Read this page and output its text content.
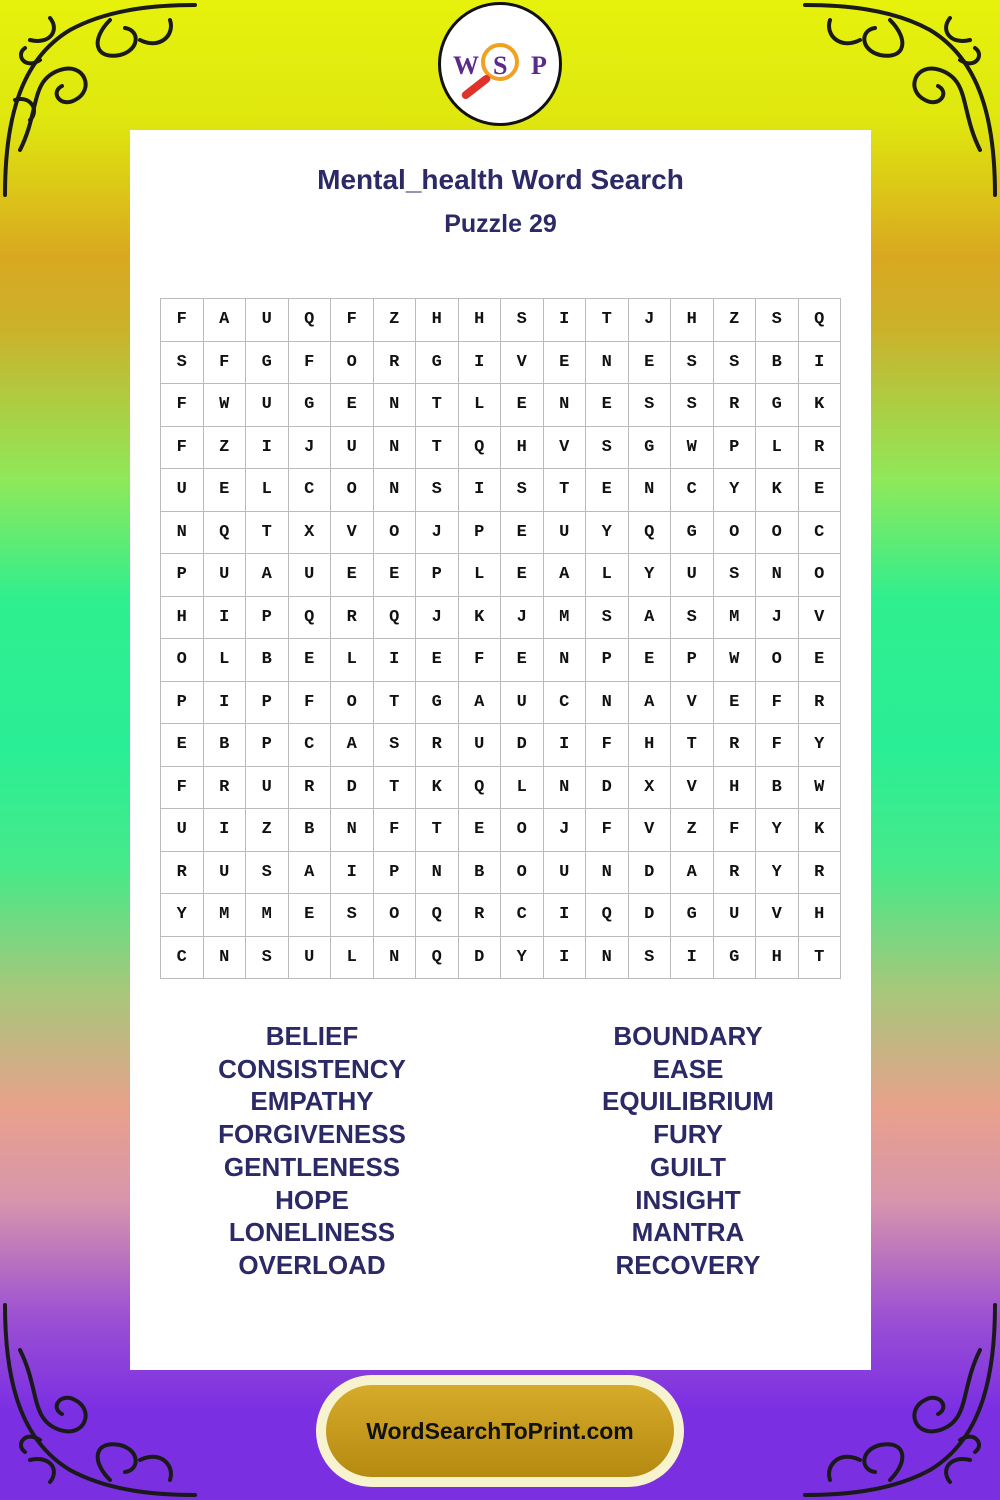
W S P
Mental_health Word Search
Puzzle 29
F	A	U	Q	F	Z	H	H	S	I	T	J	H	Z	S	Q
S	F	G	F	O	R	G	I	V	E	N	E	S	S	B	I
F	W	U	G	E	N	T	L	E	N	E	S	S	R	G	K
F	Z	I	J	U	N	T	Q	H	V	S	G	W	P	L	R
U	E	L	C	O	N	S	I	S	T	E	N	C	Y	K	E
N	Q	T	X	V	O	J	P	E	U	Y	Q	G	O	O	C
P	U	A	U	E	E	P	L	E	A	L	Y	U	S	N	O
H	I	P	Q	R	Q	J	K	J	M	S	A	S	M	J	V
O	L	B	E	L	I	E	F	E	N	P	E	P	W	O	E
P	I	P	F	O	T	G	A	U	C	N	A	V	E	F	R
E	B	P	C	A	S	R	U	D	I	F	H	T	R	F	Y
F	R	U	R	D	T	K	Q	L	N	D	X	V	H	B	W
U	I	Z	B	N	F	T	E	O	J	F	V	Z	F	Y	K
R	U	S	A	I	P	N	B	O	U	N	D	A	R	Y	R
Y	M	M	E	S	O	Q	R	C	I	Q	D	G	U	V	H
C	N	S	U	L	N	Q	D	Y	I	N	S	I	G	H	T
BELIEF
CONSISTENCY
EMPATHY
FORGIVENESS
GENTLENESS
HOPE
LONELINESS
OVERLOAD
BOUNDARY
EASE
EQUILIBRIUM
FURY
GUILT
INSIGHT
MANTRA
RECOVERY
WordSearchToPrint.com
